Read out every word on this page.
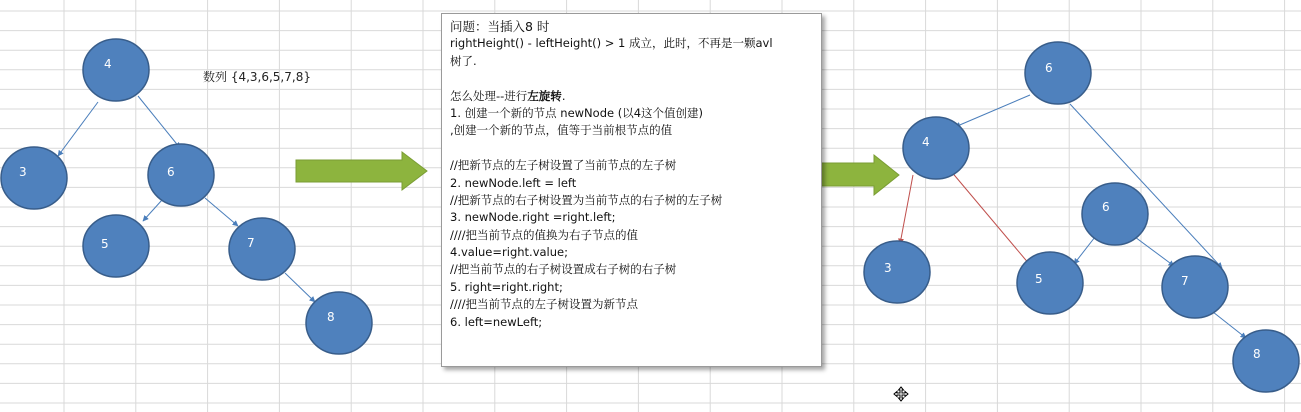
4
3	6
5	7
8
6
4
3
5
6
7
8
数列 {4,3,6,5,7,8}
问题：当插入8 时
rightHeight() - leftHeight() > 1 成立，此时，不再是一颗avl
树了.
怎么处理--进行左旋转.
1. 创建一个新的节点 newNode (以4这个值创建)
,创建一个新的节点，值等于当前根节点的值
//把新节点的左子树设置了当前节点的左子树
2. newNode.left = left
//把新节点的右子树设置为当前节点的右子树的左子树
3. newNode.right =right.left;
////把当前节点的值换为右子节点的值
4.value=right.value;
//把当前节点的右子树设置成右子树的右子树
5. right=right.right;
////把当前节点的左子树设置为新节点
6. left=newLeft;
